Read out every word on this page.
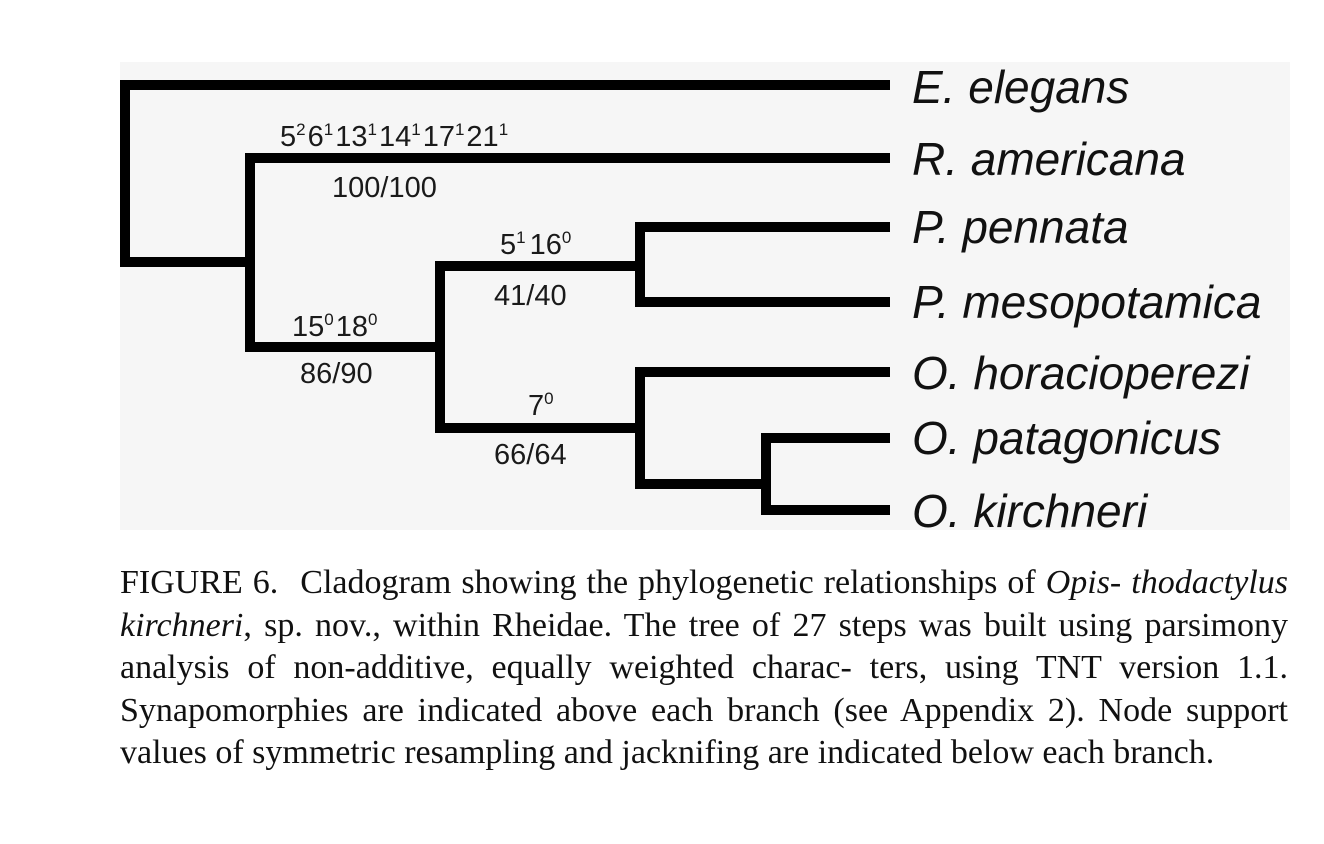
E. elegans
R. americana
P. pennata
P. mesopotamica
O. horacioperezi
O. patagonicus
O. kirchneri
$5^26^113^114^117^121^1$
100/100
$15^018^0$
86/90
$5^1$ $16^0$
41/40
$7^0$
66/64
FIGURE 6. Cladogram showing the phylogenetic relationships of Opis- thodactylus kirchneri, sp. nov., within Rheidae. The tree of 27 steps was built using parsimony analysis of non-additive, equally weighted charac- ters, using TNT version 1.1. Synapomorphies are indicated above each branch (see Appendix 2). Node support values of symmetric resampling and jacknifing are indicated below each branch.
